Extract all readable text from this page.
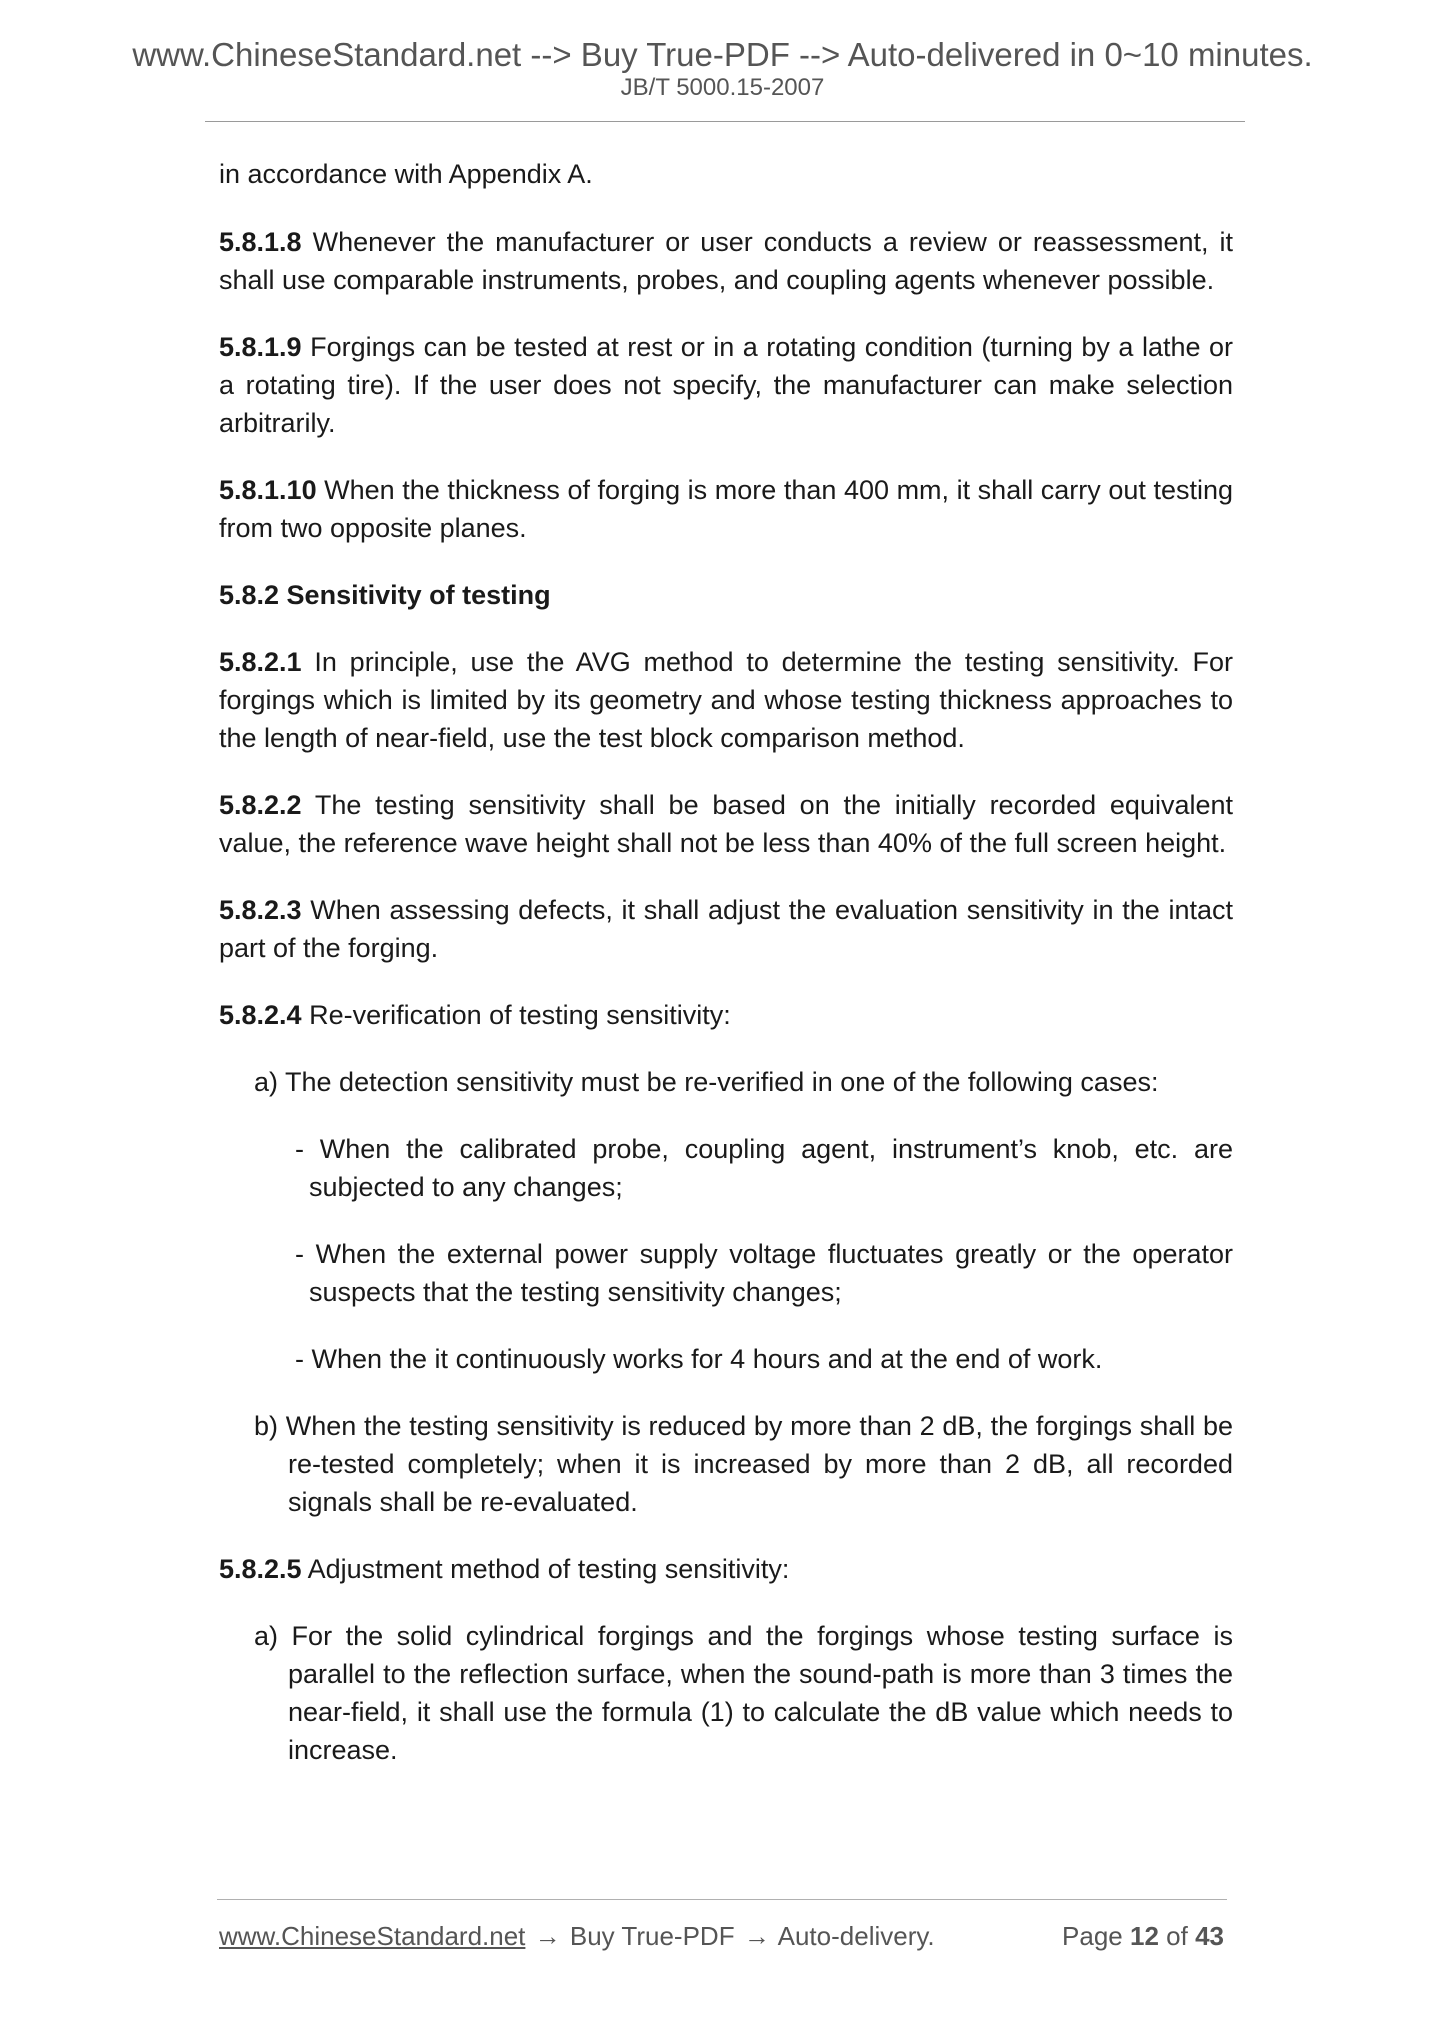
www.ChineseStandard.net --> Buy True-PDF --> Auto-delivered in 0~10 minutes.
JB/T 5000.15-2007

in accordance with Appendix A.

5.8.1.8 Whenever the manufacturer or user conducts a review or reassessment, it shall use comparable instruments, probes, and coupling agents whenever possible.

5.8.1.9 Forgings can be tested at rest or in a rotating condition (turning by a lathe or a rotating tire). If the user does not specify, the manufacturer can make selection arbitrarily.

5.8.1.10 When the thickness of forging is more than 400 mm, it shall carry out testing from two opposite planes.

5.8.2 Sensitivity of testing

5.8.2.1 In principle, use the AVG method to determine the testing sensitivity. For forgings which is limited by its geometry and whose testing thickness approaches to the length of near-field, use the test block comparison method.

5.8.2.2 The testing sensitivity shall be based on the initially recorded equivalent value, the reference wave height shall not be less than 40% of the full screen height.

5.8.2.3 When assessing defects, it shall adjust the evaluation sensitivity in the intact part of the forging.

5.8.2.4 Re-verification of testing sensitivity:

a) The detection sensitivity must be re-verified in one of the following cases:

- When the calibrated probe, coupling agent, instrument’s knob, etc. are subjected to any changes;

- When the external power supply voltage fluctuates greatly or the operator suspects that the testing sensitivity changes;

- When the it continuously works for 4 hours and at the end of work.

b) When the testing sensitivity is reduced by more than 2 dB, the forgings shall be re-tested completely; when it is increased by more than 2 dB, all recorded signals shall be re-evaluated.

5.8.2.5 Adjustment method of testing sensitivity:

a) For the solid cylindrical forgings and the forgings whose testing surface is parallel to the reflection surface, when the sound-path is more than 3 times the near-field, it shall use the formula (1) to calculate the dB value which needs to increase.

www.ChineseStandard.net → Buy True-PDF → Auto-delivery.	Page 12 of 43
